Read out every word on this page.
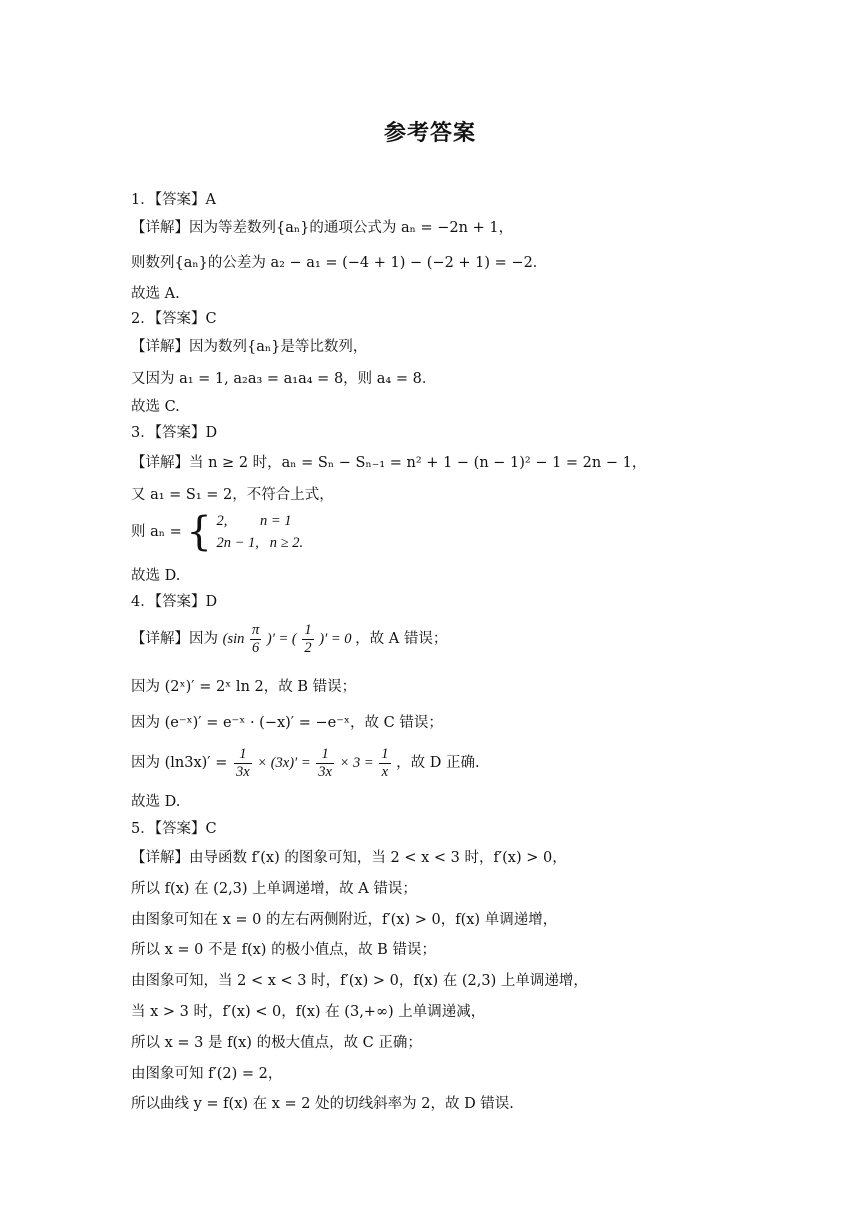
参考答案
1．【答案】A
【详解】因为等差数列{aₙ}的通项公式为 aₙ = −2n + 1，
则数列{aₙ}的公差为 a₂ − a₁ = (−4 + 1) − (−2 + 1) = −2．
故选 A.
2．【答案】C
【详解】因为数列{aₙ}是等比数列，
又因为 a₁ = 1, a₂a₃ = a₁a₄ = 8，则 a₄ = 8．
故选 C.
3．【答案】D
【详解】当 n ≥ 2 时，aₙ = Sₙ − Sₙ₋₁ = n² + 1 − (n − 1)² − 1 = 2n − 1，
又 a₁ = S₁ = 2，不符合上式，
故选 D.
4．【答案】D
故选 D.
5．【答案】C
【详解】由导函数 f′(x) 的图象可知，当 2 < x < 3 时，f′(x) > 0，
所以 f(x) 在 (2,3) 上单调递增，故 A 错误；
由图象可知在 x = 0 的左右两侧附近，f′(x) > 0，f(x) 单调递增，
所以 x = 0 不是 f(x) 的极小值点，故 B 错误；
由图象可知，当 2 < x < 3 时，f′(x) > 0，f(x) 在 (2,3) 上单调递增，
当 x > 3 时，f′(x) < 0，f(x) 在 (3,+∞) 上单调递减，
所以 x = 3 是 f(x) 的极大值点，故 C 正确；
由图象可知 f′(2) = 2，
所以曲线 y = f(x) 在 x = 2 处的切线斜率为 2，故 D 错误.
则 aₙ = { 2, n = 1
2n − 1, n ≥ 2.
【详解】因为 ($\sin \frac{\pi}{6}$ )′ = ( $\frac{1}{2}$ )′ = 0 ，故 A 错误；
因为 (2ˣ)′ = 2ˣ ln 2，故 B 错误；
因为 (e⁻ˣ)′ = e⁻ˣ · (−x)′ = −e⁻ˣ，故 C 错误；
因为 $(\ln 3x)' = \frac{1}{3x} \times (3x)' = \frac{1}{3x} \times 3 = \frac{1}{x}$ ，故 D 正确.
